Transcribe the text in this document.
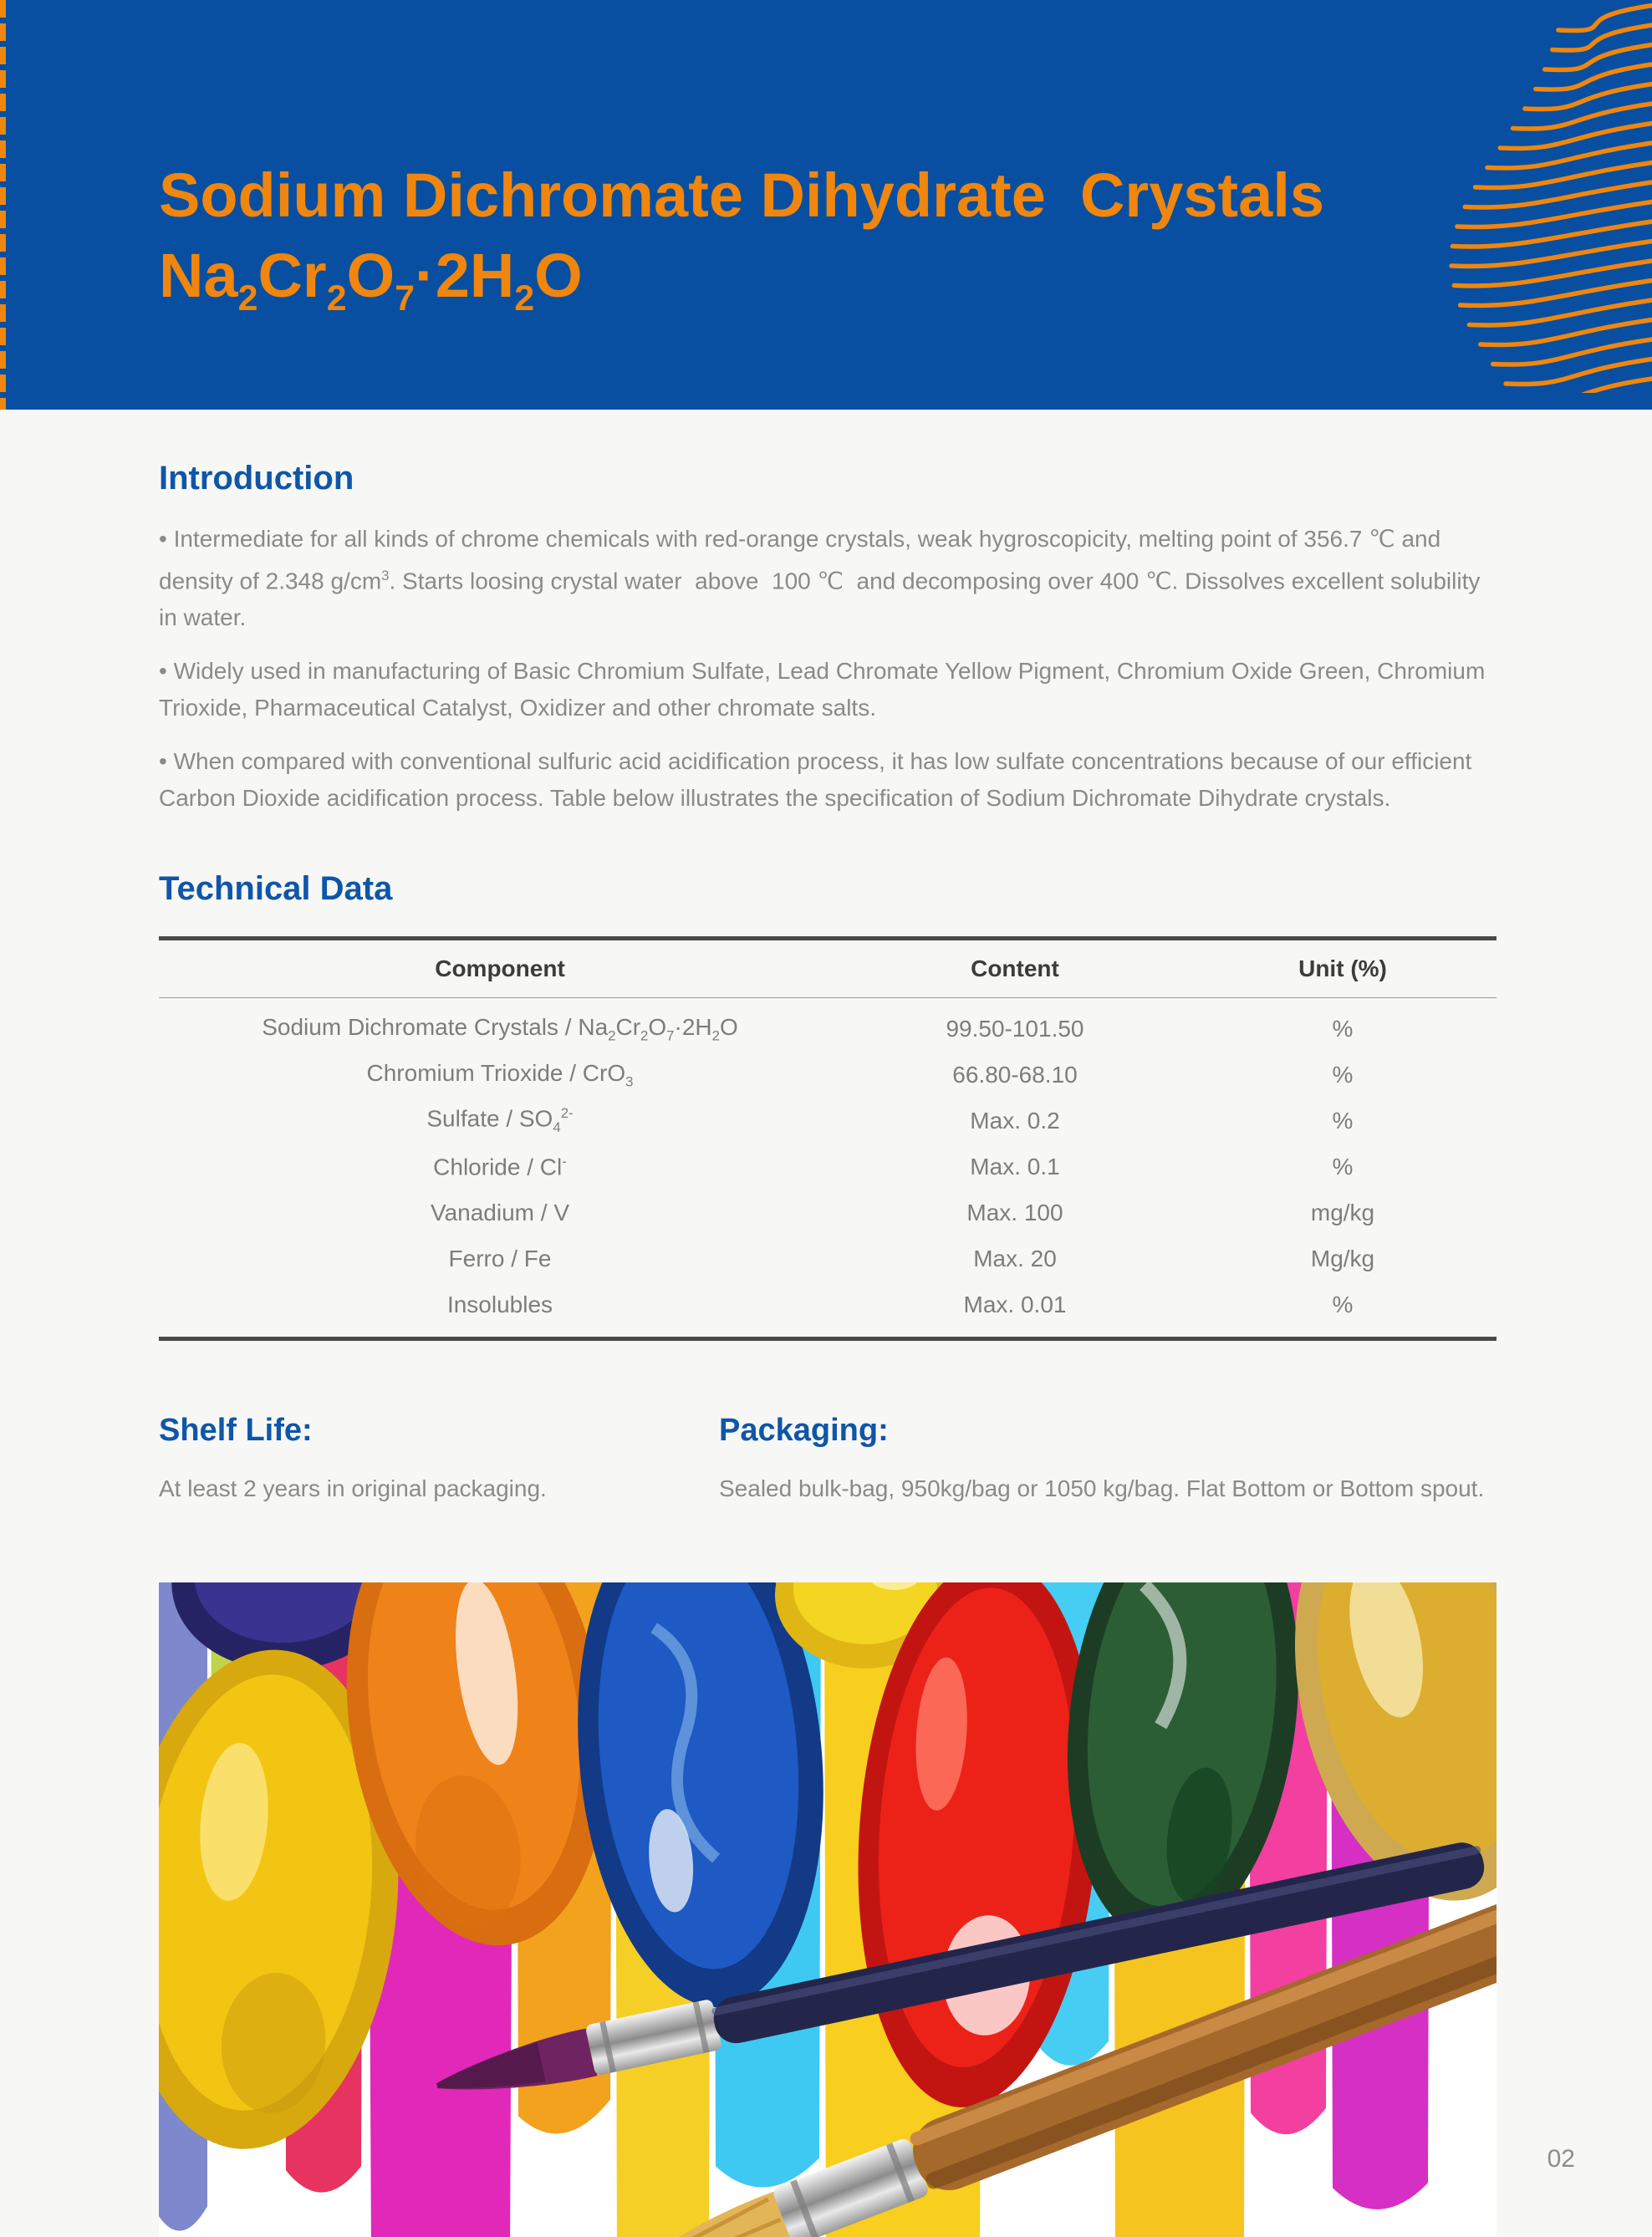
Sodium Dichromate Dihydrate  Crystals
$Na_2Cr_2O_7\cdot 2H_2O$
Introduction

• Intermediate for all kinds of chrome chemicals with red-orange crystals, weak hygroscopicity, melting point of 356.7 ℃ and density of 2.348 $g/cm^3$. Starts loosing crystal water  above  100 ℃  and decomposing over 400 ℃. Dissolves excellent solubility in water.

• Widely used in manufacturing of Basic Chromium Sulfate, Lead Chromate Yellow Pigment, Chromium Oxide Green, Chromium Trioxide, Pharmaceutical Catalyst, Oxidizer and other chromate salts.

• When compared with conventional sulfuric acid acidification process, it has low sulfate concentrations because of our efficient Carbon Dioxide acidification process. Table below illustrates the specification of Sodium Dichromate Dihydrate crystals.

Technical Data
Component	Content	Unit (%)
Sodium Dichromate Crystals / $Na_2Cr_2O_7\cdot 2H_2O$	99.50-101.50	%
Chromium Trioxide / CrO$_3$	66.80-68.10	%
Sulfate / $SO_4^{2-}$	Max. 0.2	%
Chloride / Cl-	Max. 0.1	%
Vanadium / V	Max. 100	mg/kg
Ferro / Fe	Max. 20	Mg/kg
Insolubles	Max. 0.01	%
Shelf Life:

At least 2 years in original packaging.

Packaging:

Sealed bulk-bag, 950kg/bag or 1050 kg/bag. Flat Bottom or Bottom spout.

02
